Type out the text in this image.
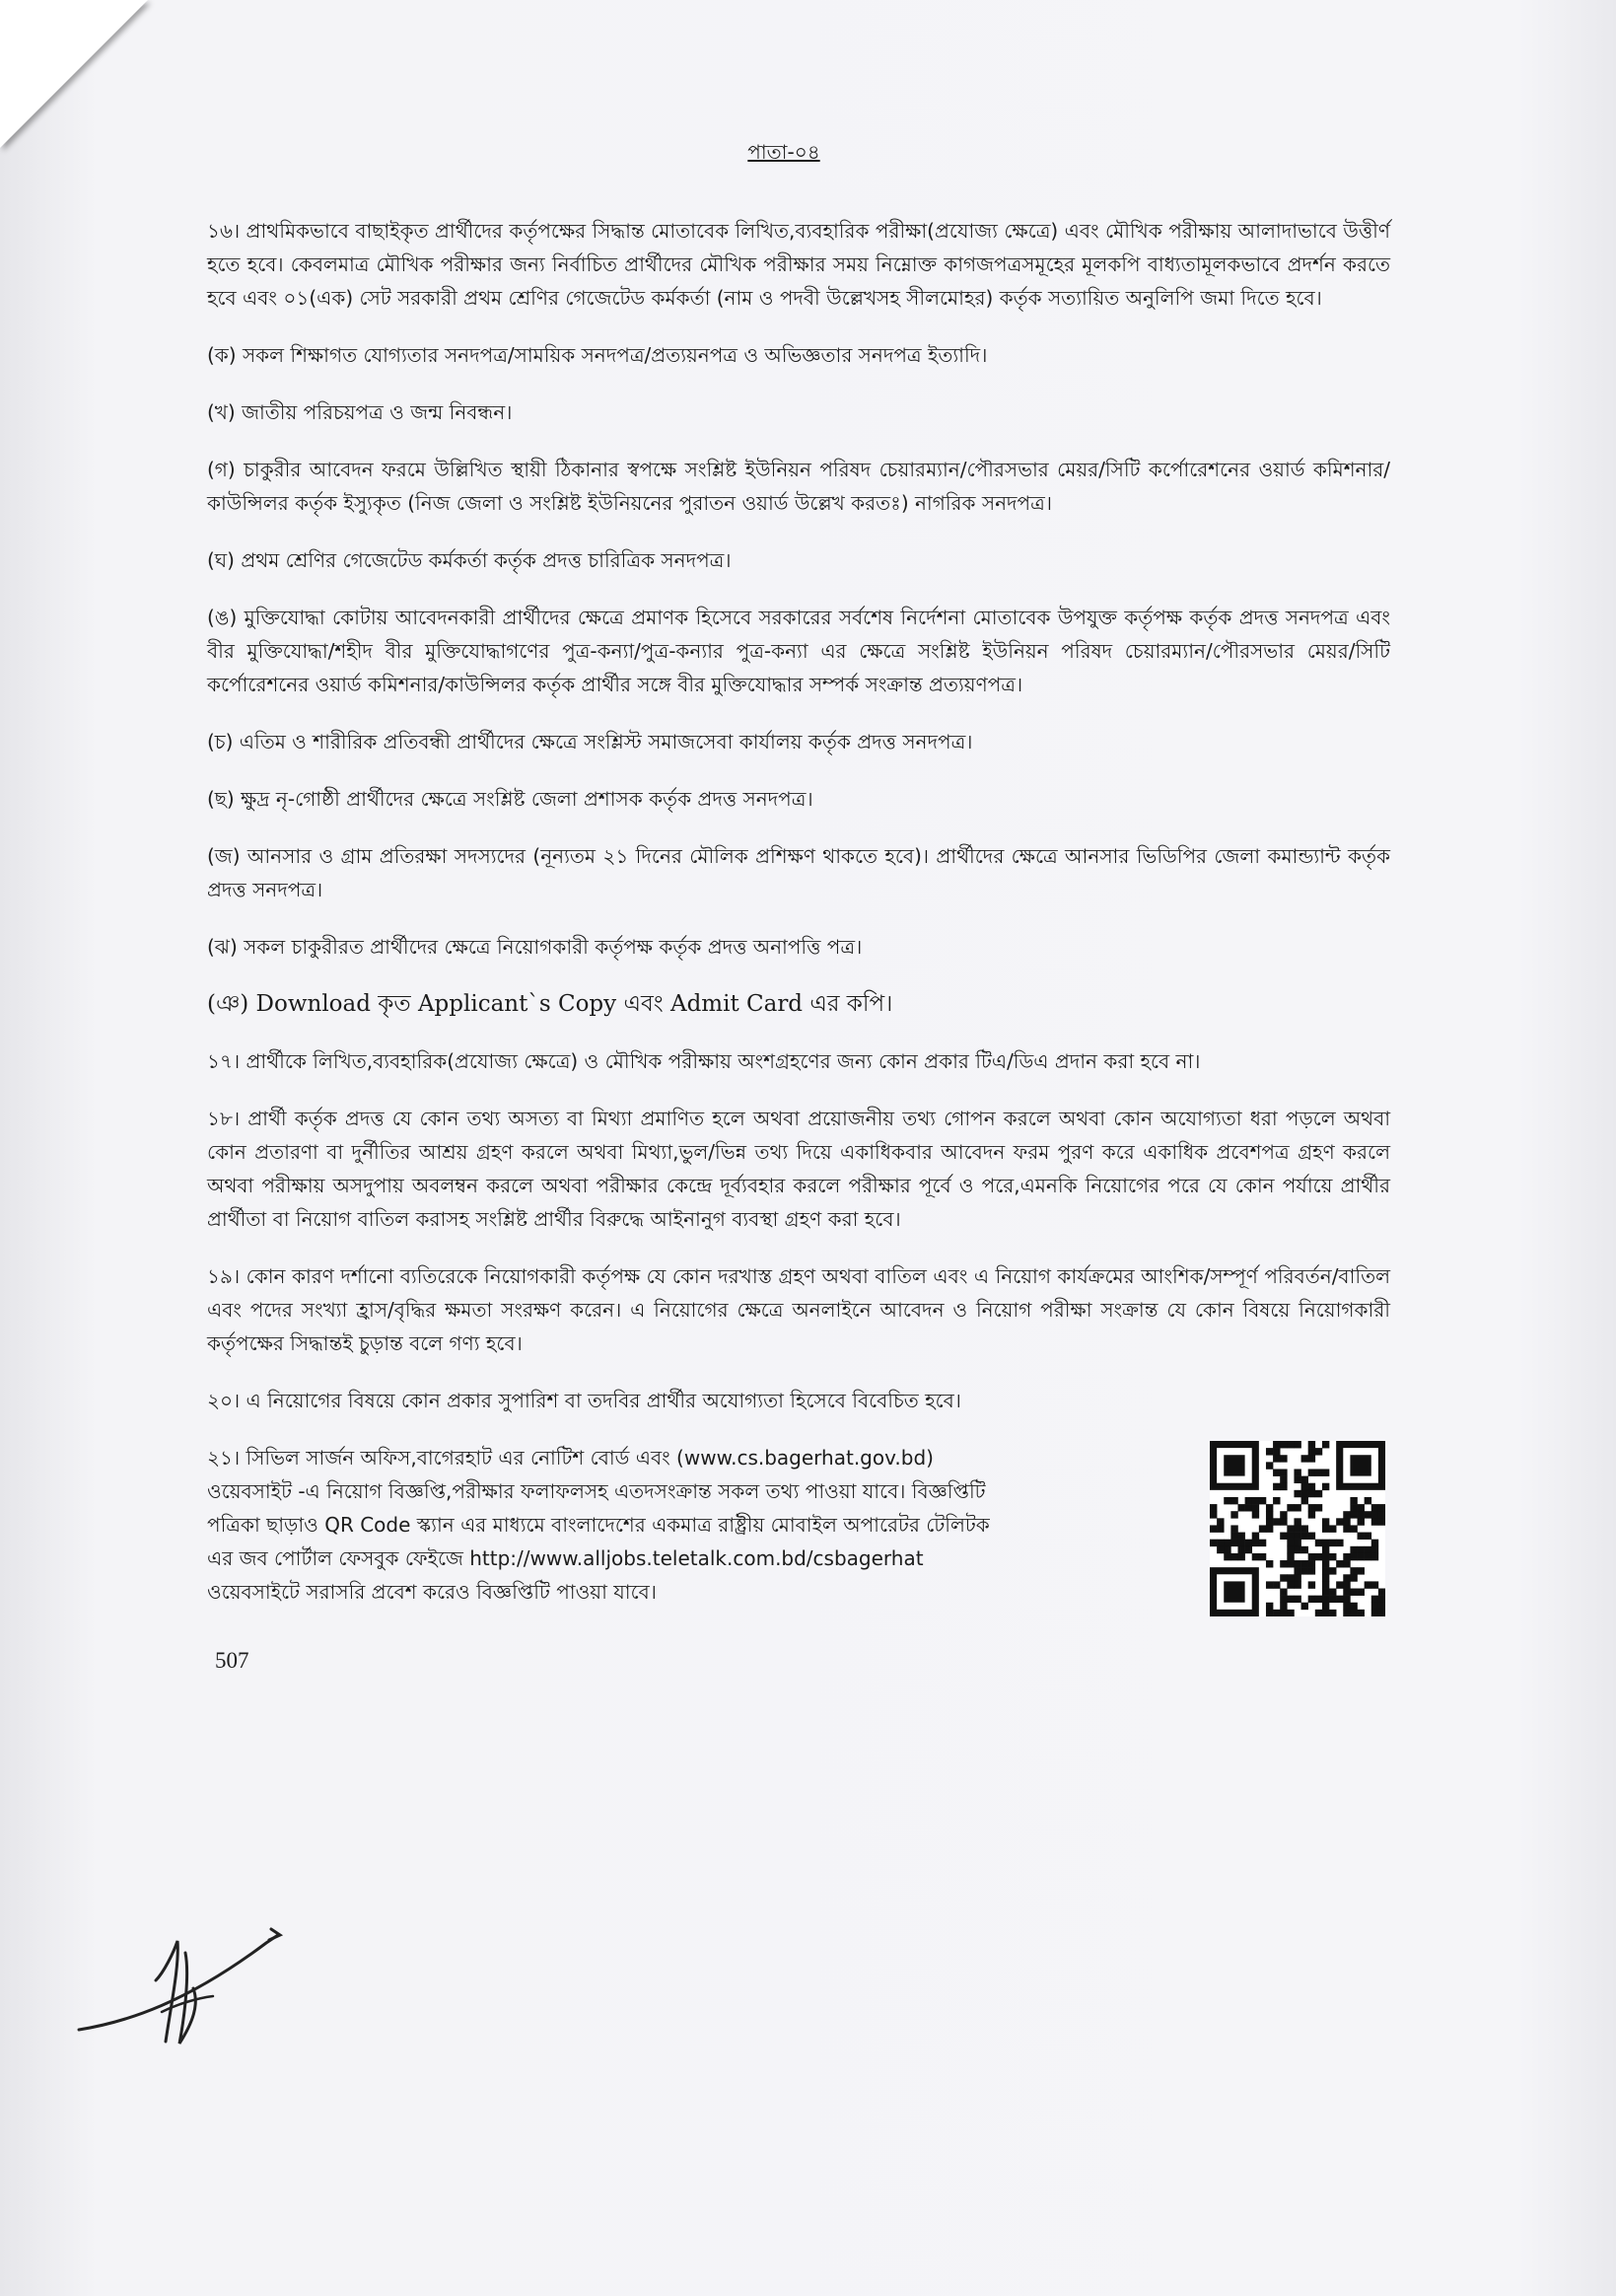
পাতা-০৪

১৬। প্রাথমিকভাবে বাছাইকৃত প্রার্থীদের কর্তৃপক্ষের সিদ্ধান্ত মোতাবেক লিখিত,ব্যবহারিক পরীক্ষা(প্রযোজ্য ক্ষেত্রে) এবং মৌখিক পরীক্ষায় আলাদাভাবে উত্তীর্ণ হতে হবে। কেবলমাত্র মৌখিক পরীক্ষার জন্য নির্বাচিত প্রার্থীদের মৌখিক পরীক্ষার সময় নিম্নোক্ত কাগজপত্রসমূহের মূলকপি বাধ্যতামূলকভাবে প্রদর্শন করতে হবে এবং ০১(এক) সেট সরকারী প্রথম শ্রেণির গেজেটেড কর্মকর্তা (নাম ও পদবী উল্লেখসহ সীলমোহর) কর্তৃক সত্যায়িত অনুলিপি জমা দিতে হবে।

(ক) সকল শিক্ষাগত যোগ্যতার সনদপত্র/সাময়িক সনদপত্র/প্রত্যয়নপত্র ও অভিজ্ঞতার সনদপত্র ইত্যাদি।

(খ) জাতীয় পরিচয়পত্র ও জন্ম নিবন্ধন।

(গ) চাকুরীর আবেদন ফরমে উল্লিখিত স্থায়ী ঠিকানার স্বপক্ষে সংশ্লিষ্ট ইউনিয়ন পরিষদ চেয়ারম্যান/পৌরসভার মেয়র/সিটি কর্পোরেশনের ওয়ার্ড কমিশনার/কাউন্সিলর কর্তৃক ইস্যুকৃত (নিজ জেলা ও সংশ্লিষ্ট ইউনিয়নের পুরাতন ওয়ার্ড উল্লেখ করতঃ) নাগরিক সনদপত্র।

(ঘ) প্রথম শ্রেণির গেজেটেড কর্মকর্তা কর্তৃক প্রদত্ত চারিত্রিক সনদপত্র।

(ঙ) মুক্তিযোদ্ধা কোটায় আবেদনকারী প্রার্থীদের ক্ষেত্রে প্রমাণক হিসেবে সরকারের সর্বশেষ নির্দেশনা মোতাবেক উপযুক্ত কর্তৃপক্ষ কর্তৃক প্রদত্ত সনদপত্র এবং বীর মুক্তিযোদ্ধা/শহীদ বীর মুক্তিযোদ্ধাগণের পুত্র-কন্যা/পুত্র-কন্যার পুত্র-কন্যা এর ক্ষেত্রে সংশ্লিষ্ট ইউনিয়ন পরিষদ চেয়ারম্যান/পৌরসভার মেয়র/সিটি কর্পোরেশনের ওয়ার্ড কমিশনার/কাউন্সিলর কর্তৃক প্রার্থীর সঙ্গে বীর মুক্তিযোদ্ধার সম্পর্ক সংক্রান্ত প্রত্যয়ণপত্র।

(চ) এতিম ও শারীরিক প্রতিবন্ধী প্রার্থীদের ক্ষেত্রে সংশ্লিস্ট সমাজসেবা কার্যালয় কর্তৃক প্রদত্ত সনদপত্র।

(ছ) ক্ষুদ্র নৃ-গোষ্ঠী প্রার্থীদের ক্ষেত্রে সংশ্লিষ্ট জেলা প্রশাসক কর্তৃক প্রদত্ত সনদপত্র।

(জ) আনসার ও গ্রাম প্রতিরক্ষা সদস্যদের (নূন্যতম ২১ দিনের মৌলিক প্রশিক্ষণ থাকতে হবে)। প্রার্থীদের ক্ষেত্রে আনসার ভিডিপির জেলা কমান্ড্যান্ট কর্তৃক প্রদত্ত সনদপত্র।

(ঝ) সকল চাকুরীরত প্রার্থীদের ক্ষেত্রে নিয়োগকারী কর্তৃপক্ষ কর্তৃক প্রদত্ত অনাপত্তি পত্র।

(ঞ) Download কৃত Applicant`s Copy এবং Admit Card এর কপি।

১৭। প্রার্থীকে লিখিত,ব্যবহারিক(প্রযোজ্য ক্ষেত্রে) ও মৌখিক পরীক্ষায় অংশগ্রহণের জন্য কোন প্রকার টিএ/ডিএ প্রদান করা হবে না।

১৮। প্রার্থী কর্তৃক প্রদত্ত যে কোন তথ্য অসত্য বা মিথ্যা প্রমাণিত হলে অথবা প্রয়োজনীয় তথ্য গোপন করলে অথবা কোন অযোগ্যতা ধরা পড়লে অথবা কোন প্রতারণা বা দুর্নীতির আশ্রয় গ্রহণ করলে অথবা মিথ্যা,ভুল/ভিন্ন তথ্য দিয়ে একাধিকবার আবেদন ফরম পুরণ করে একাধিক প্রবেশপত্র গ্রহণ করলে অথবা পরীক্ষায় অসদুপায় অবলম্বন করলে অথবা পরীক্ষার কেন্দ্রে দূর্ব্যবহার করলে পরীক্ষার পূর্বে ও পরে,এমনকি নিয়োগের পরে যে কোন পর্যায়ে প্রার্থীর প্রার্থীতা বা নিয়োগ বাতিল করাসহ সংশ্লিষ্ট প্রার্থীর বিরুদ্ধে আইনানুগ ব্যবস্থা গ্রহণ করা হবে।

১৯। কোন কারণ দর্শানো ব্যতিরেকে নিয়োগকারী কর্তৃপক্ষ যে কোন দরখাস্ত গ্রহণ অথবা বাতিল এবং এ নিয়োগ কার্যক্রমের আংশিক/সম্পূর্ণ পরিবর্তন/বাতিল এবং পদের সংখ্যা হ্রাস/বৃদ্ধির ক্ষমতা সংরক্ষণ করেন। এ নিয়োগের ক্ষেত্রে অনলাইনে আবেদন ও নিয়োগ পরীক্ষা সংক্রান্ত যে কোন বিষয়ে নিয়োগকারী কর্তৃপক্ষের সিদ্ধান্তই চুড়ান্ত বলে গণ্য হবে।

২০। এ নিয়োগের বিষয়ে কোন প্রকার সুপারিশ বা তদবির প্রার্থীর অযোগ্যতা হিসেবে বিবেচিত হবে।

২১। সিভিল সার্জন অফিস,বাগেরহাট এর নোটিশ বোর্ড এবং (www.cs.bagerhat.gov.bd)
ওয়েবসাইট -এ নিয়োগ বিজ্ঞপ্তি,পরীক্ষার ফলাফলসহ এতদসংক্রান্ত সকল তথ্য পাওয়া যাবে। বিজ্ঞপ্তিটি
পত্রিকা ছাড়াও QR Code স্ক্যান এর মাধ্যমে বাংলাদেশের একমাত্র রাষ্ট্রীয় মোবাইল অপারেটর টেলিটক
এর জব পোর্টাল ফেসবুক ফেইজে http://www.alljobs.teletalk.com.bd/csbagerhat
ওয়েবসাইটে সরাসরি প্রবেশ করেও বিজ্ঞপ্তিটি পাওয়া যাবে।
507
